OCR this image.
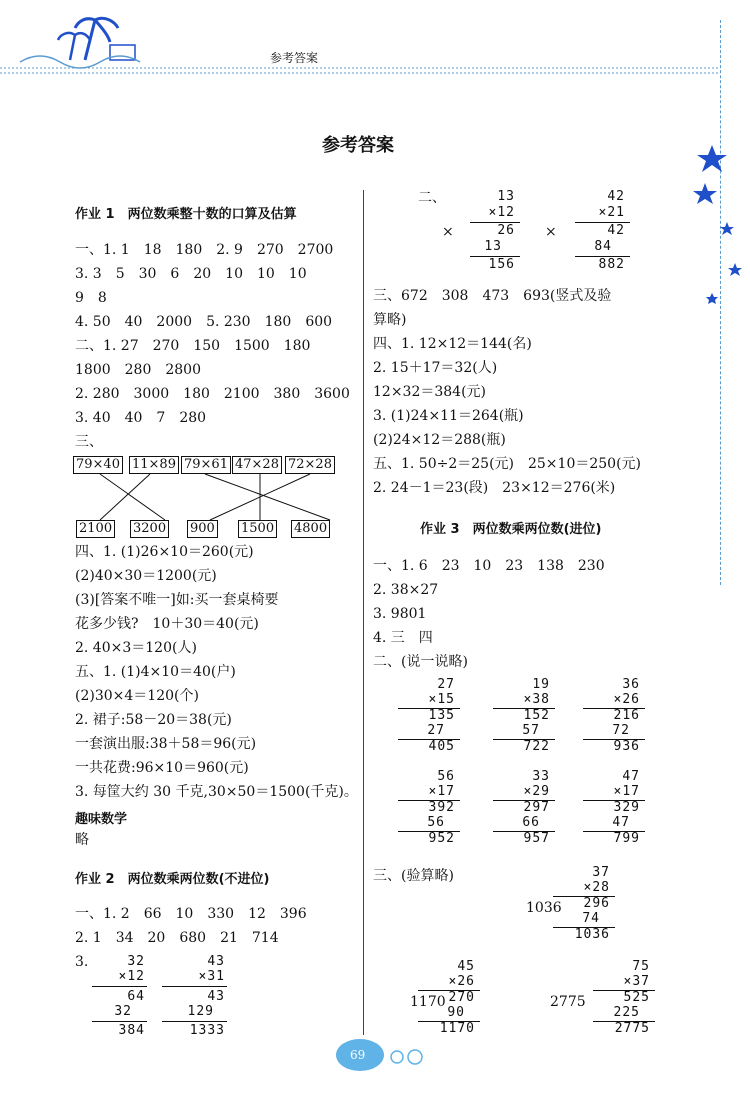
参考答案
参考答案
作业 1　两位数乘整十数的口算及估算
一、1. 1　18　180　2. 9　270　2700
3. 3　5　30　6　20　10　10　10
9　8
4. 50　40　2000　5. 230　180　600
二、1. 27　270　150　1500　180
1800　280　2800
2. 280　3000　180　2100　380　3600
3. 40　40　7　280
三、
79×40 11×89 79×61 47×28 72×28
2100 3200 900 1500 4800
四、1. (1)26×10＝260(元)
(2)40×30＝1200(元)
(3)[答案不唯一]如:买一套桌椅要
花多少钱?　10＋30＝40(元)
2. 40×3＝120(人)
五、1. (1)4×10＝40(户)
(2)30×4＝120(个)
2. 裙子:58－20＝38(元)
一套演出服:38＋58＝96(元)
一共花费:96×10＝960(元)
3. 每筐大约 30 千克,30×50＝1500(千克)。
趣味数学
略
作业 2　两位数乘两位数(不进位)
一、1. 2　66　10　330　12　396
2. 1　34　20　680　21　714
3.	32
×12
64
32
384
43
×31
43
129
1333
二、	13
×
×12
26
13
156
42
×
×21
42
84
882
三、672　308　473　693(竖式及验
算略)
四、1. 12×12＝144(名)
2. 15＋17＝32(人)
12×32＝384(元)
3. (1)24×11＝264(瓶)
(2)24×12＝288(瓶)
五、1. 50÷2＝25(元)　25×10＝250(元)
2. 24－1＝23(段)　23×12＝276(米)
作业 3　两位数乘两位数(进位)
一、1. 6　23　10　23　138　230
2. 38×27
3. 9801
4. 三　四
二、(说一说略)
27
×15
135
27
405
19
×38
152
57
722
36
×26
216
72
936
56
×17
392
56
952
33
×29
297
66
957
47
×17
329
47
799
37
×28
296
74
1036
45
×26
270
90
1170
75
×37
525
225
2775
三、(验算略)
1036
1170	2775
69
